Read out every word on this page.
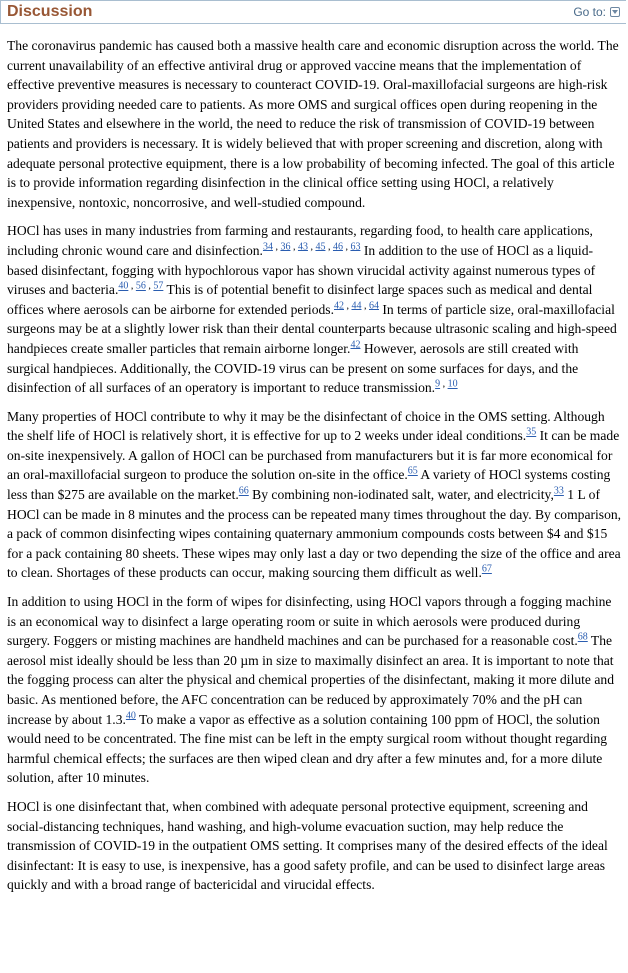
Discussion	Go to:

The coronavirus pandemic has caused both a massive health care and economic disruption across the world. The current unavailability of an effective antiviral drug or approved vaccine means that the implementation of effective preventive measures is necessary to counteract COVID-19. Oral-maxillofacial surgeons are high-risk providers providing needed care to patients. As more OMS and surgical offices open during reopening in the United States and elsewhere in the world, the need to reduce the risk of transmission of COVID-19 between patients and providers is necessary. It is widely believed that with proper screening and discretion, along with adequate personal protective equipment, there is a low probability of becoming infected. The goal of this article is to provide information regarding disinfection in the clinical office setting using HOCl, a relatively inexpensive, nontoxic, noncorrosive, and well-studied compound.

HOCl has uses in many industries from farming and restaurants, regarding food, to health care applications, including chronic wound care and disinfection.$^{34}$ , $^{36}$ , $^{43}$ , $^{45}$ , $^{46}$ , $^{63}$ In addition to the use of HOCl as a liquid-based disinfectant, fogging with hypochlorous vapor has shown virucidal activity against numerous types of viruses and bacteria.$^{40}$ , $^{56}$ , $^{57}$ This is of potential benefit to disinfect large spaces such as medical and dental offices where aerosols can be airborne for extended periods.$^{42}$ , $^{44}$ , $^{64}$ In terms of particle size, oral-maxillofacial surgeons may be at a slightly lower risk than their dental counterparts because ultrasonic scaling and high-speed handpieces create smaller particles that remain airborne longer.$^{42}$ However, aerosols are still created with surgical handpieces. Additionally, the COVID-19 virus can be present on some surfaces for days, and the disinfection of all surfaces of an operatory is important to reduce transmission.$^9$ , $^{10}$

Many properties of HOCl contribute to why it may be the disinfectant of choice in the OMS setting. Although the shelf life of HOCl is relatively short, it is effective for up to 2 weeks under ideal conditions.$^{35}$ It can be made on-site inexpensively. A gallon of HOCl can be purchased from manufacturers but it is far more economical for an oral-maxillofacial surgeon to produce the solution on-site in the office.$^{65}$ A variety of HOCl systems costing less than $275 are available on the market.$^{66}$ By combining non-iodinated salt, water, and electricity,$^{33}$ 1 L of HOCl can be made in 8 minutes and the process can be repeated many times throughout the day. By comparison, a pack of common disinfecting wipes containing quaternary ammonium compounds costs between $4 and $15 for a pack containing 80 sheets. These wipes may only last a day or two depending the size of the office and area to clean. Shortages of these products can occur, making sourcing them difficult as well.$^{67}$

In addition to using HOCl in the form of wipes for disinfecting, using HOCl vapors through a fogging machine is an economical way to disinfect a large operating room or suite in which aerosols were produced during surgery. Foggers or misting machines are handheld machines and can be purchased for a reasonable cost.$^{68}$ The aerosol mist ideally should be less than 20 µm in size to maximally disinfect an area. It is important to note that the fogging process can alter the physical and chemical properties of the disinfectant, making it more dilute and basic. As mentioned before, the AFC concentration can be reduced by approximately 70% and the pH can increase by about 1.3.40 To make a vapor as effective as a solution containing 100 ppm of HOCl, the solution would need to be concentrated. The fine mist can be left in the empty surgical room without thought regarding harmful chemical effects; the surfaces are then wiped clean and dry after a few minutes and, for a more dilute solution, after 10 minutes.

HOCl is one disinfectant that, when combined with adequate personal protective equipment, screening and social-distancing techniques, hand washing, and high-volume evacuation suction, may help reduce the transmission of COVID-19 in the outpatient OMS setting. It comprises many of the desired effects of the ideal disinfectant: It is easy to use, is inexpensive, has a good safety profile, and can be used to disinfect large areas quickly and with a broad range of bactericidal and virucidal effects.
